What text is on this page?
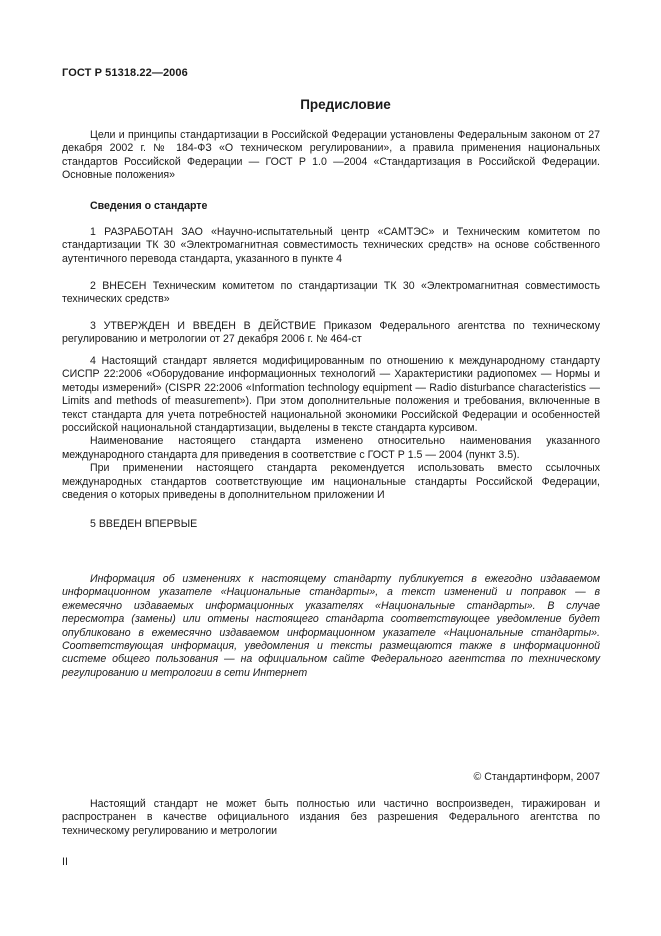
ГОСТ Р 51318.22—2006
Предисловие

Цели и принципы стандартизации в Российской Федерации установлены Федеральным законом от 27 декабря 2002 г. № 184-ФЗ «О техническом регулировании», а правила применения национальных стандартов Российской Федерации — ГОСТ Р 1.0 —2004 «Стандартизация в Российской Федерации. Основные положения»

Сведения о стандарте

1 РАЗРАБОТАН ЗАО «Научно-испытательный центр «САМТЭС» и Техническим комитетом по стандартизации ТК 30 «Электромагнитная совместимость технических средств» на основе собственного аутентичного перевода стандарта, указанного в пункте 4

2 ВНЕСЕН Техническим комитетом по стандартизации ТК 30 «Электромагнитная совместимость технических средств»

3 УТВЕРЖДЕН И ВВЕДЕН В ДЕЙСТВИЕ Приказом Федерального агентства по техническому регулированию и метрологии от 27 декабря 2006 г. № 464-ст

4 Настоящий стандарт является модифицированным по отношению к международному стандарту СИСПР 22:2006 «Оборудование информационных технологий — Характеристики радиопомех — Нормы и методы измерений» (CISPR 22:2006 «Information technology equipment — Radio disturbance characteristics — Limits and methods of measurement»). При этом дополнительные положения и требования, включенные в текст стандарта для учета потребностей национальной экономики Российской Федерации и особенностей российской национальной стандартизации, выделены в тексте стандарта курсивом.

Наименование настоящего стандарта изменено относительно наименования указанного международного стандарта для приведения в соответствие с ГОСТ Р 1.5 — 2004 (пункт 3.5).

При применении настоящего стандарта рекомендуется использовать вместо ссылочных международных стандартов соответствующие им национальные стандарты Российской Федерации, сведения о которых приведены в дополнительном приложении И

5 ВВЕДЕН ВПЕРВЫЕ

Информация об изменениях к настоящему стандарту публикуется в ежегодно издаваемом информационном указателе «Национальные стандарты», а текст изменений и поправок — в ежемесячно издаваемых информационных указателях «Национальные стандарты». В случае пересмотра (замены) или отмены настоящего стандарта соответствующее уведомление будет опубликовано в ежемесячно издаваемом информационном указателе «Национальные стандарты». Соответствующая информация, уведомления и тексты размещаются также в информационной системе общего пользования — на официальном сайте Федерального агентства по техническому регулированию и метрологии в сети Интернет

© Стандартинформ, 2007

Настоящий стандарт не может быть полностью или частично воспроизведен, тиражирован и распространен в качестве официального издания без разрешения Федерального агентства по техническому регулированию и метрологии

II
